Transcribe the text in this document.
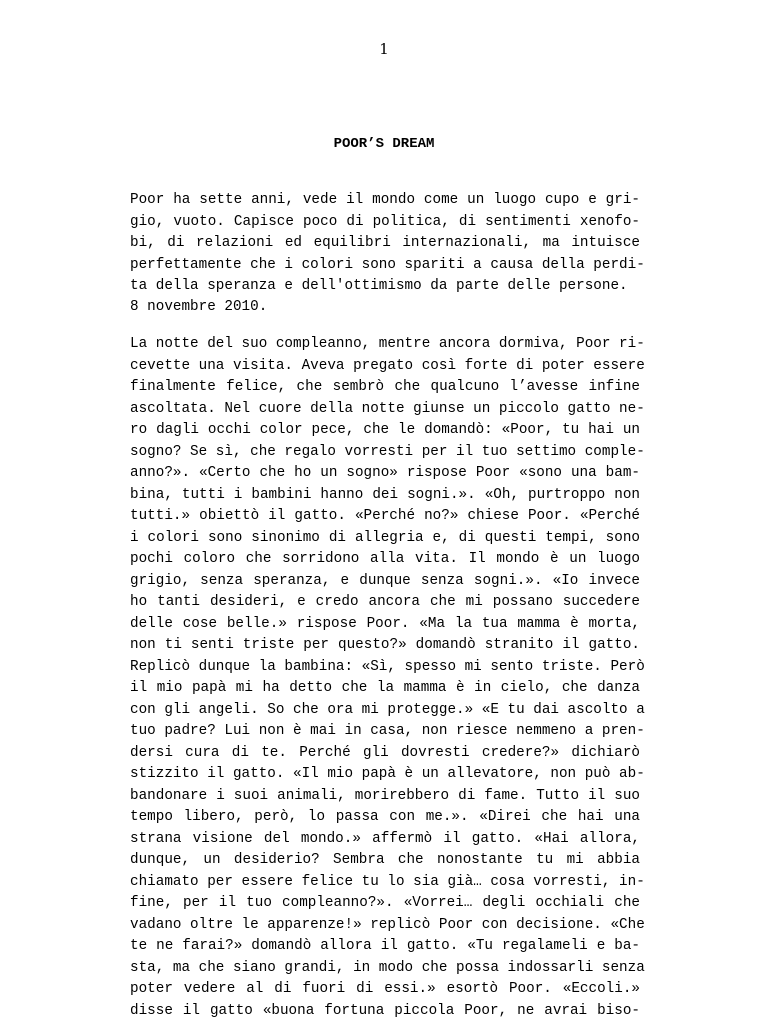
1
POOR’S DREAM
Poor ha sette anni, vede il mondo come un luogo cupo e gri-
gio, vuoto. Capisce poco di politica, di sentimenti xenofo-
bi, di relazioni ed equilibri internazionali, ma intuisce
perfettamente che i colori sono spariti a causa della perdi-
ta della speranza e dell'ottimismo da parte delle persone.
8 novembre 2010.
La notte del suo compleanno, mentre ancora dormiva, Poor ri-
cevette una visita. Aveva pregato così forte di poter essere
finalmente felice, che sembrò che qualcuno l’avesse infine
ascoltata. Nel cuore della notte giunse un piccolo gatto ne-
ro dagli occhi color pece, che le domandò: «Poor, tu hai un
sogno? Se sì, che regalo vorresti per il tuo settimo comple-
anno?». «Certo che ho un sogno» rispose Poor «sono una bam-
bina, tutti i bambini hanno dei sogni.». «Oh, purtroppo non
tutti.» obiettò il gatto. «Perché no?» chiese Poor. «Perché
i colori sono sinonimo di allegria e, di questi tempi, sono
pochi coloro che sorridono alla vita. Il mondo è un luogo
grigio, senza speranza, e dunque senza sogni.». «Io invece
ho tanti desideri, e credo ancora che mi possano succedere
delle cose belle.» rispose Poor. «Ma la tua mamma è morta,
non ti senti triste per questo?» domandò stranito il gatto.
Replicò dunque la bambina: «Sì, spesso mi sento triste. Però
il mio papà mi ha detto che la mamma è in cielo, che danza
con gli angeli. So che ora mi protegge.» «E tu dai ascolto a
tuo padre? Lui non è mai in casa, non riesce nemmeno a pren-
dersi cura di te. Perché gli dovresti credere?» dichiarò
stizzito il gatto. «Il mio papà è un allevatore, non può ab-
bandonare i suoi animali, morirebbero di fame. Tutto il suo
tempo libero, però, lo passa con me.». «Direi che hai una
strana visione del mondo.» affermò il gatto. «Hai allora,
dunque, un desiderio? Sembra che nonostante tu mi abbia
chiamato per essere felice tu lo sia già… cosa vorresti, in-
fine, per il tuo compleanno?». «Vorrei… degli occhiali che
vadano oltre le apparenze!» replicò Poor con decisione. «Che
te ne farai?» domandò allora il gatto. «Tu regalameli e ba-
sta, ma che siano grandi, in modo che possa indossarli senza
poter vedere al di fuori di essi.» esortò Poor. «Eccoli.»
disse il gatto «buona fortuna piccola Poor, ne avrai biso-
